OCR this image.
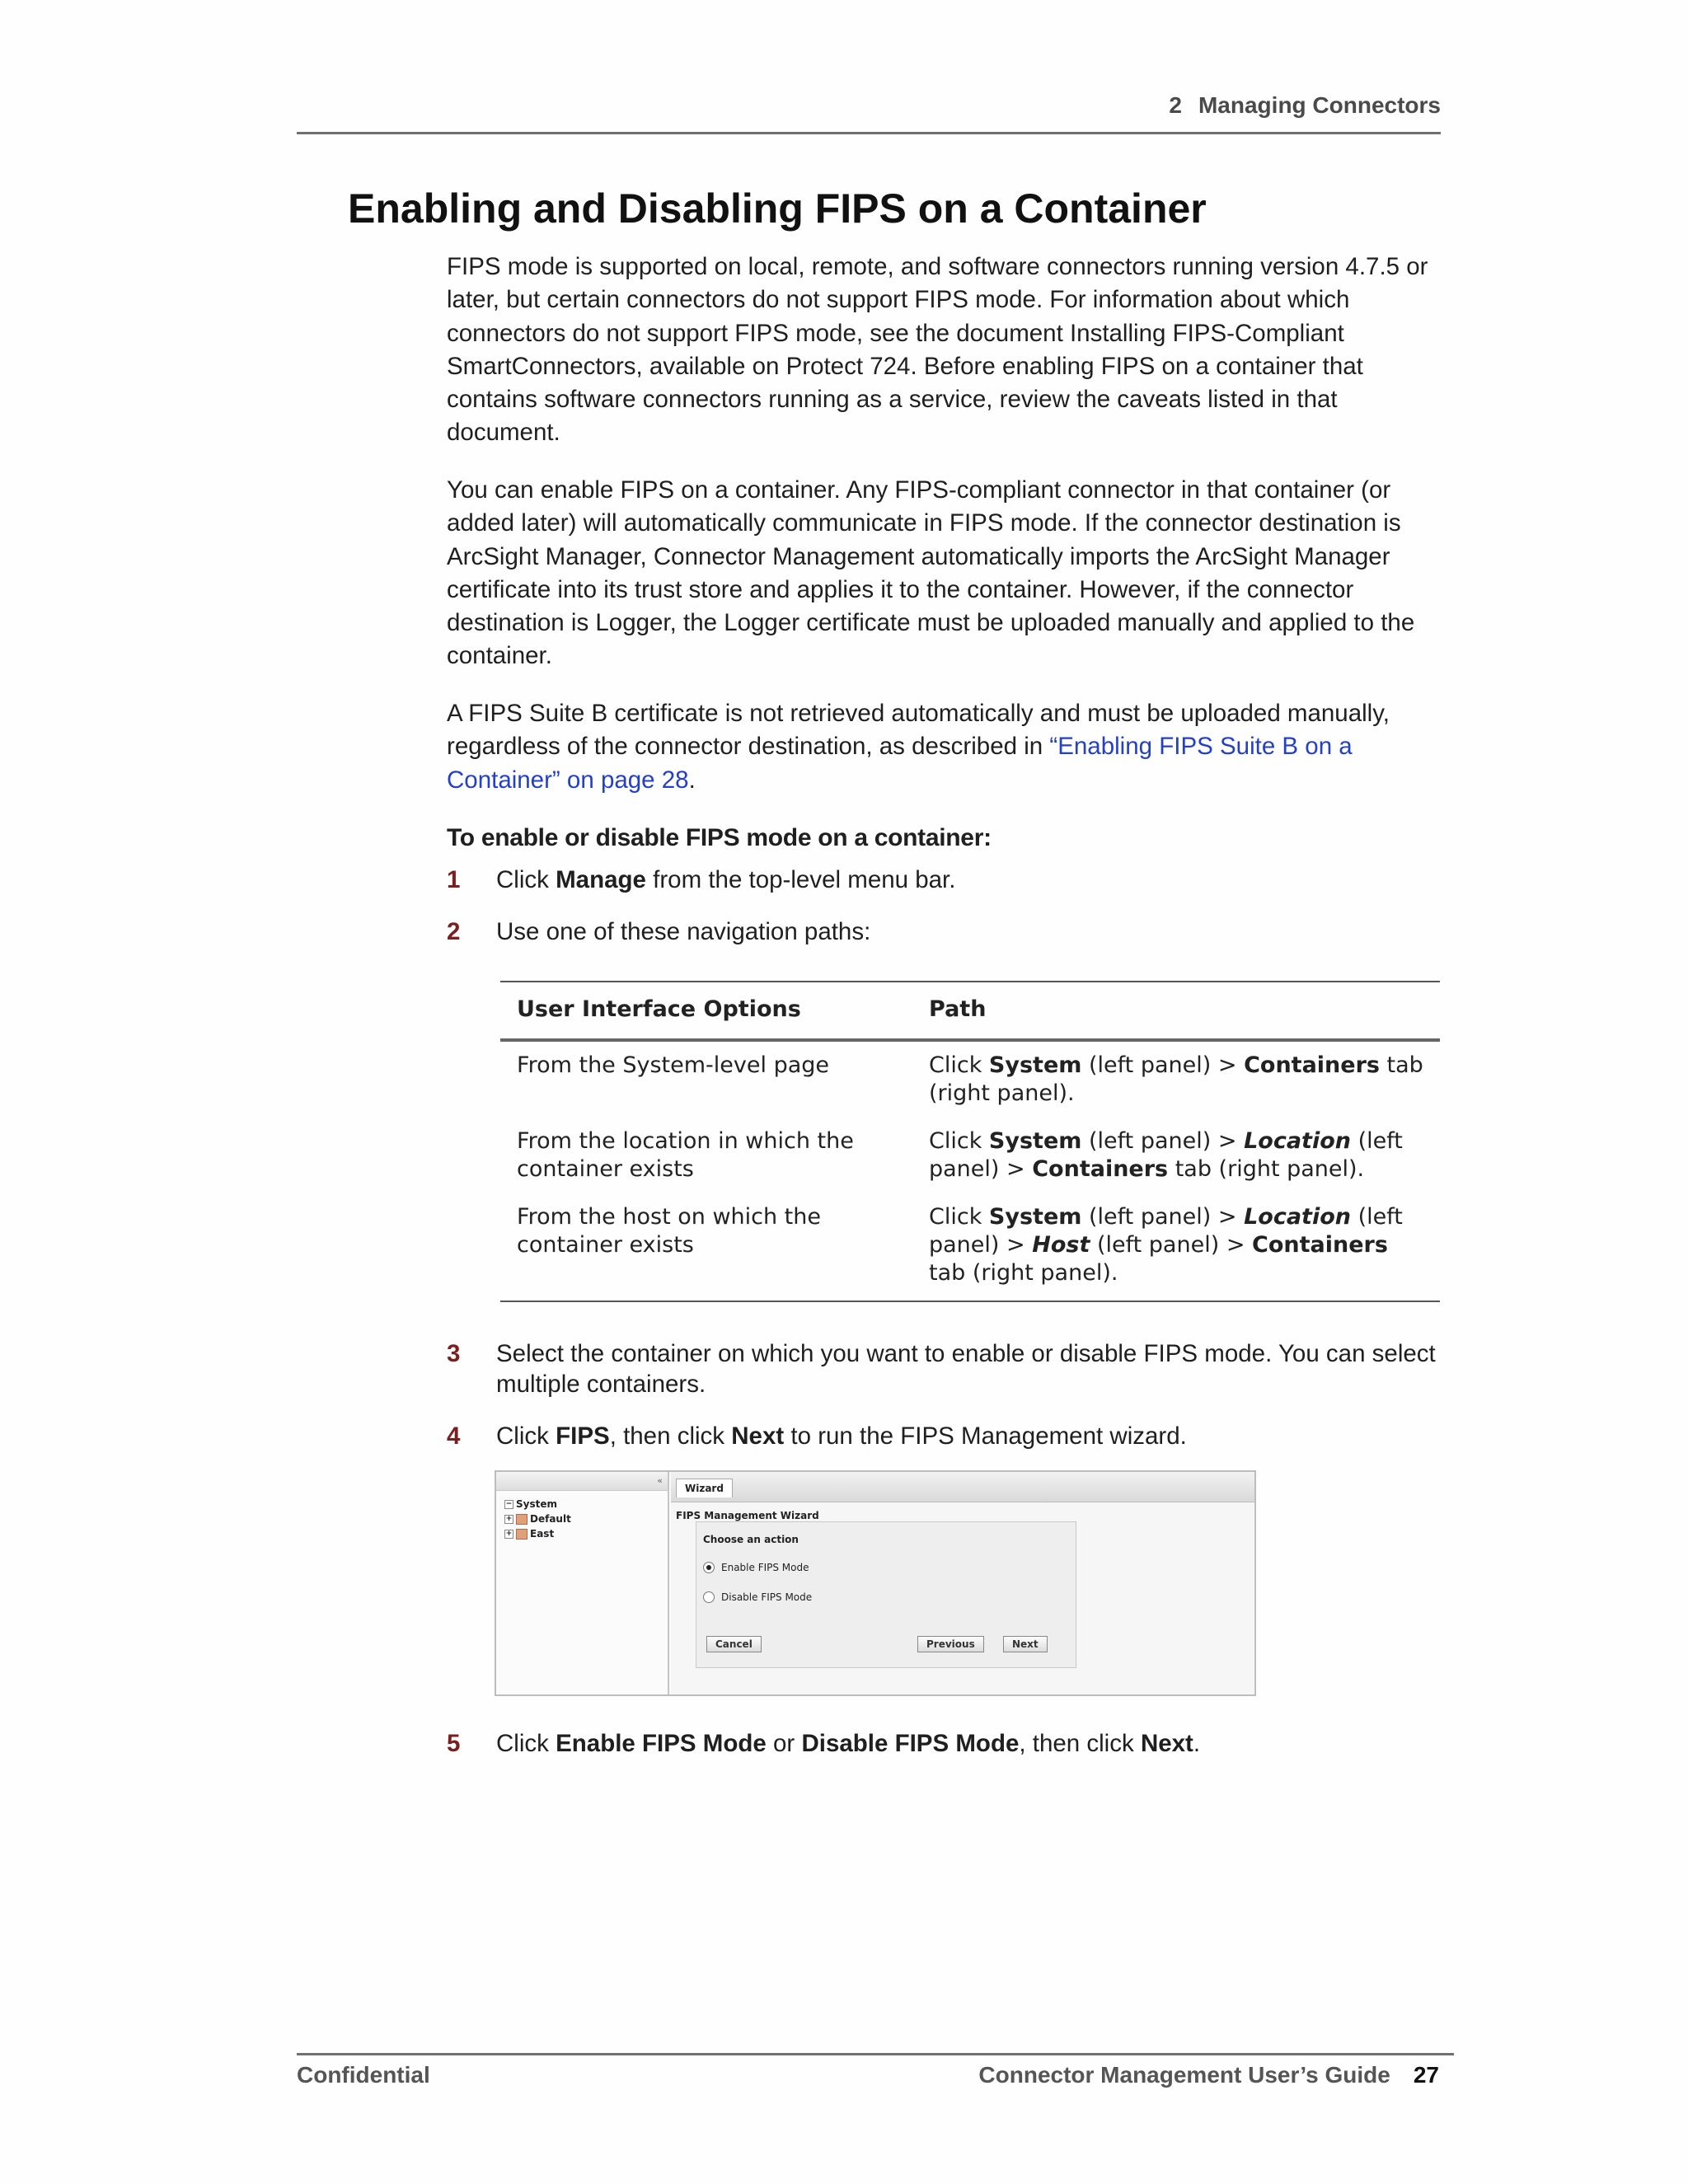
2 Managing Connectors
Enabling and Disabling FIPS on a Container

FIPS mode is supported on local, remote, and software connectors running version 4.7.5 or later, but certain connectors do not support FIPS mode. For information about which connectors do not support FIPS mode, see the document Installing FIPS-Compliant SmartConnectors, available on Protect 724. Before enabling FIPS on a container that contains software connectors running as a service, review the caveats listed in that document.

You can enable FIPS on a container. Any FIPS-compliant connector in that container (or added later) will automatically communicate in FIPS mode. If the connector destination is ArcSight Manager, Connector Management automatically imports the ArcSight Manager certificate into its trust store and applies it to the container. However, if the connector destination is Logger, the Logger certificate must be uploaded manually and applied to the container.

A FIPS Suite B certificate is not retrieved automatically and must be uploaded manually, regardless of the connector destination, as described in “Enabling FIPS Suite B on a Container” on page 28.

To enable or disable FIPS mode on a container:

1 Click Manage from the top-level menu bar.
2 Use one of these navigation paths:
User Interface Options	Path
From the System-level page	Click System (left panel) > Containers tab (right panel).
From the location in which the container exists	Click System (left panel) > Location (left panel) > Containers tab (right panel).
From the host on which the container exists	Click System (left panel) > Location (left panel) > Host (left panel) > Containers tab (right panel).
3 Select the container on which you want to enable or disable FIPS mode. You can select multiple containers.
4 Click FIPS, then click Next to run the FIPS Management wizard.
«
− System
+ Default
+ East
Wizard
FIPS Management Wizard
Choose an action
Enable FIPS Mode
Disable FIPS Mode
Cancel	Previous	Next
5 Click Enable FIPS Mode or Disable FIPS Mode, then click Next.
Confidential	Connector Management User’s Guide 27
